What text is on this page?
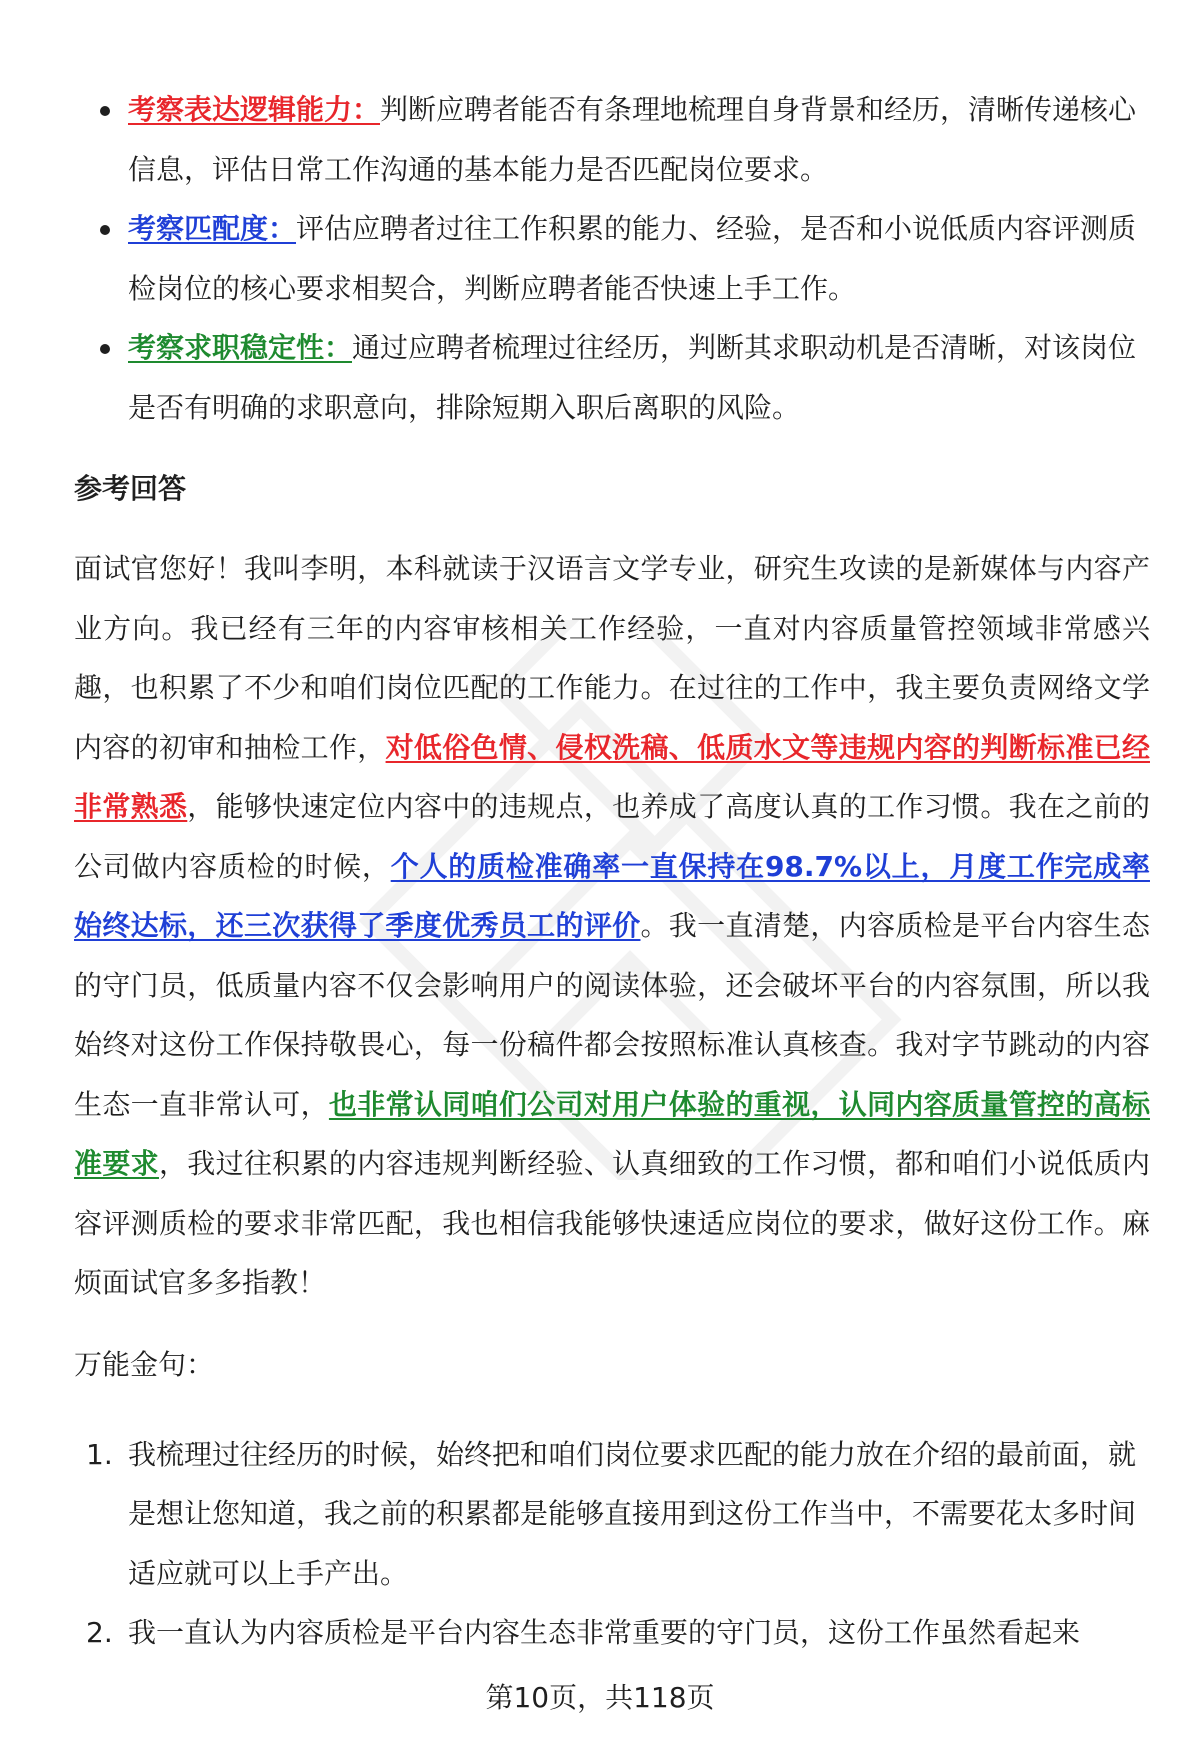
考察表达逻辑能力：判断应聘者能否有条理地梳理自身背景和经历，清晰传递核心信息，评估日常工作沟通的基本能力是否匹配岗位要求。
考察匹配度：评估应聘者过往工作积累的能力、经验，是否和小说低质内容评测质检岗位的核心要求相契合，判断应聘者能否快速上手工作。
考察求职稳定性：通过应聘者梳理过往经历，判断其求职动机是否清晰，对该岗位是否有明确的求职意向，排除短期入职后离职的风险。
参考回答
面试官您好！我叫李明，本科就读于汉语言文学专业，研究生攻读的是新媒体与内容产业方向。我已经有三年的内容审核相关工作经验，一直对内容质量管控领域非常感兴趣，也积累了不少和咱们岗位匹配的工作能力。在过往的工作中，我主要负责网络文学内容的初审和抽检工作，对低俗色情、侵权洗稿、低质水文等违规内容的判断标准已经非常熟悉，能够快速定位内容中的违规点，也养成了高度认真的工作习惯。我在之前的公司做内容质检的时候，个人的质检准确率一直保持在98.7%以上，月度工作完成率始终达标，还三次获得了季度优秀员工的评价。我一直清楚，内容质检是平台内容生态的守门员，低质量内容不仅会影响用户的阅读体验，还会破坏平台的内容氛围，所以我始终对这份工作保持敬畏心，每一份稿件都会按照标准认真核查。我对字节跳动的内容生态一直非常认可，也非常认同咱们公司对用户体验的重视，认同内容质量管控的高标准要求，我过往积累的内容违规判断经验、认真细致的工作习惯，都和咱们小说低质内容评测质检的要求非常匹配，我也相信我能够快速适应岗位的要求，做好这份工作。麻烦面试官多多指教！
万能金句：
1. 我梳理过往经历的时候，始终把和咱们岗位要求匹配的能力放在介绍的最前面，就是想让您知道，我之前的积累都是能够直接用到这份工作当中，不需要花太多时间适应就可以上手产出。
2. 我一直认为内容质检是平台内容生态非常重要的守门员，这份工作虽然看起来
第10页，共118页
